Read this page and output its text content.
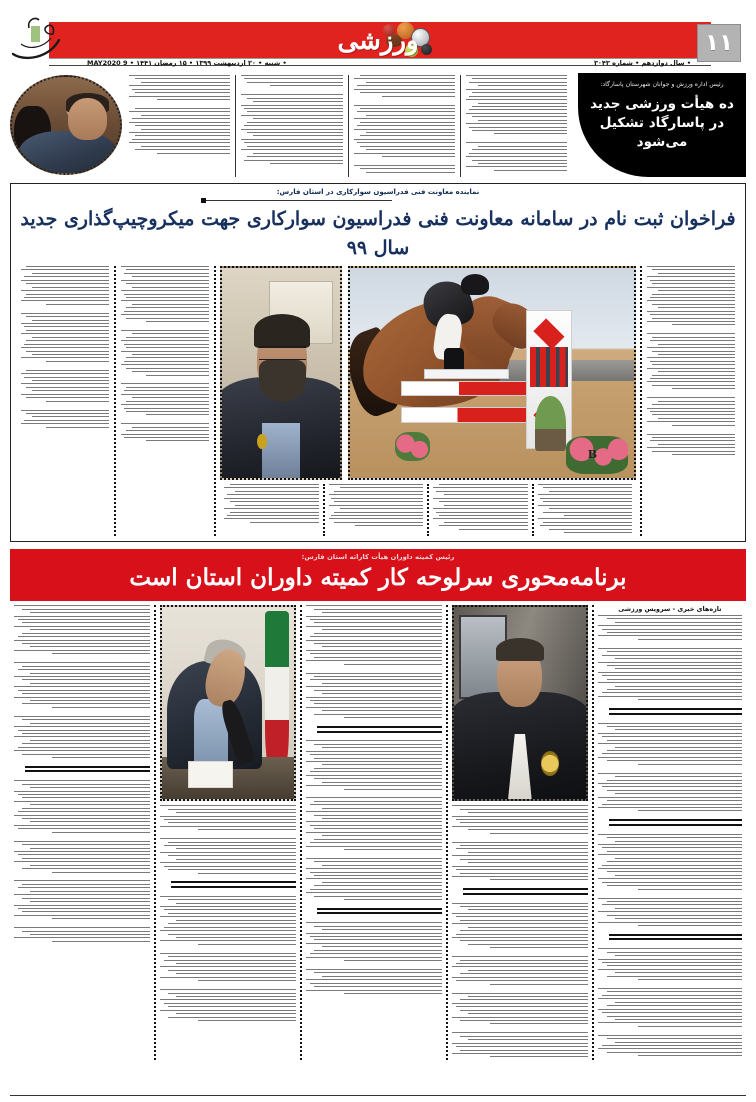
ورزشی	۱۱
• سال دوازدهم • شماره ۳۰۴۳
• شنبه • ۲۰ اردیبهشت ۱۳۹۹ • ۱۵ رمضان ۱۴۴۱ • 9 MAY2020
رئیس اداره ورزش و جوانان شهرستان پاسارگاد:
ده هیأت ورزشی جدید در پاسارگاد تشکیل می‌شود
نماینده معاونت فنی فدراسیون سوارکاری در استان فارس:
فراخوان ثبت نام در سامانه معاونت فنی فدراسیون سوارکاری جهت میکروچیپ‌گذاری جدید سال ۹۹
B
رئیس کمیته داوران هیأت کاراته استان فارس:
برنامه‌محوری سرلوحه کار کمیته داوران استان است
تازه‌های خبری - سرویس ورزشی
